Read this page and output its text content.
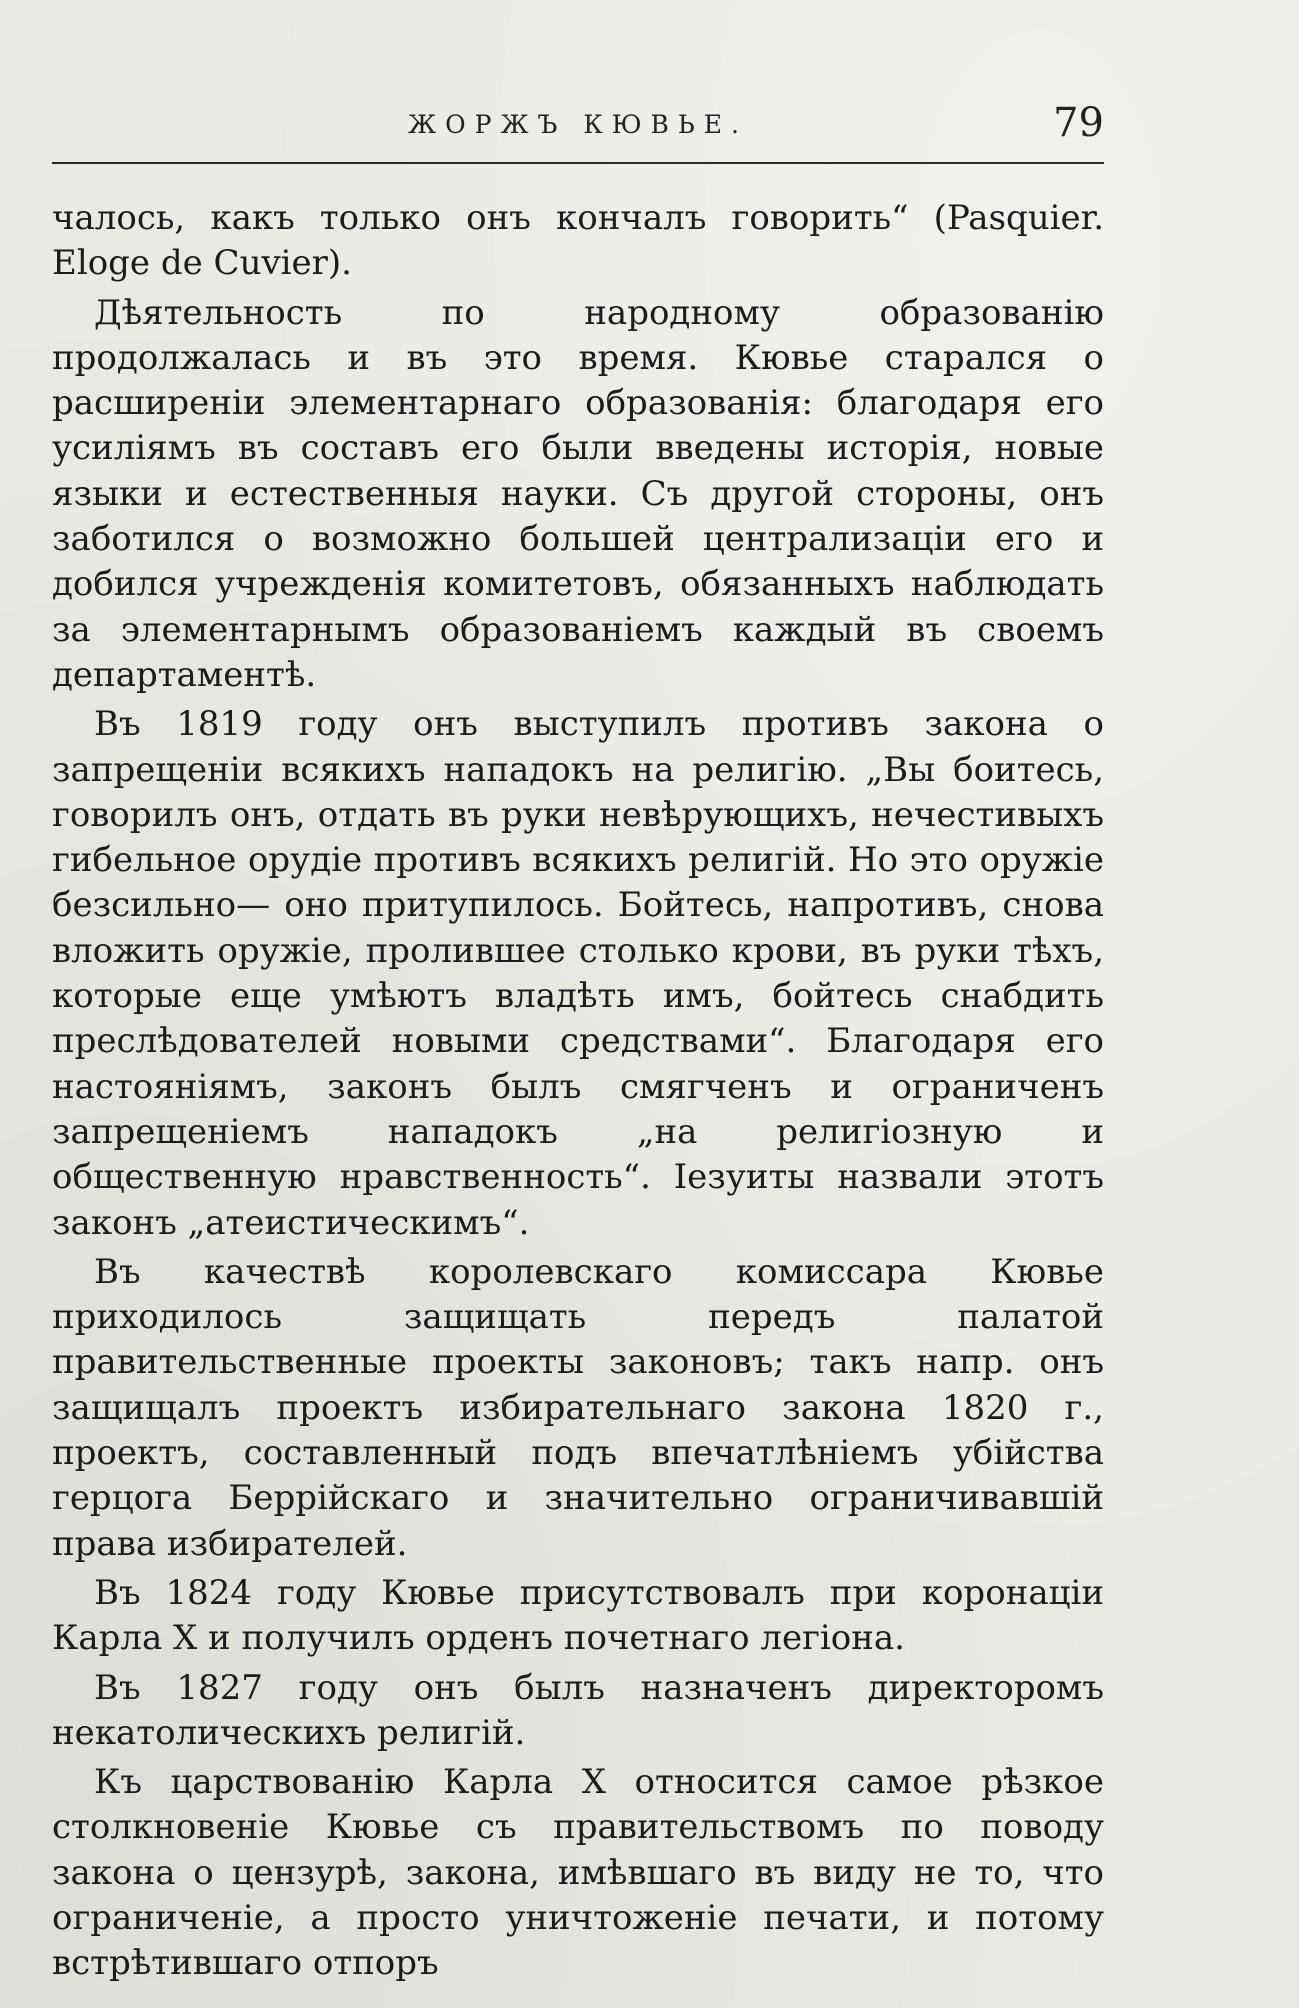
ЖОРЖЪ КЮВЬЕ.	79

чалось, какъ только онъ кончалъ говорить“ (Pasquier. Eloge de Cuvier).

Дѣятельность по народному образованію продолжалась и въ это время. Кювье старался о расширеніи элементарнаго образованія: благодаря его усиліямъ въ составъ его были введены исторія, новые языки и естественныя науки. Съ другой стороны, онъ заботился о возможно большей централизаціи его и добился учрежденія комитетовъ, обязанныхъ наблюдать за элементарнымъ образованіемъ каждый въ своемъ департаментѣ.

Въ 1819 году онъ выступилъ противъ закона о запрещеніи всякихъ нападокъ на религію. „Вы боитесь, говорилъ онъ, отдать въ руки невѣрующихъ, нечестивыхъ гибельное орудіе противъ всякихъ религій. Но это оружіе безсильно— оно притупилось. Бойтесь, напротивъ, снова вложить оружіе, пролившее столько крови, въ руки тѣхъ, которые еще умѣютъ владѣть имъ, бойтесь снабдить преслѣдователей новыми средствами“. Благодаря его настояніямъ, законъ былъ смягченъ и ограниченъ запрещеніемъ нападокъ „на религіозную и общественную нравственность“. Іезуиты назвали этотъ законъ „атеистическимъ“.

Въ качествѣ королевскаго комиссара Кювье приходилось защищать передъ палатой правительственные проекты законовъ; такъ напр. онъ защищалъ проектъ избирательнаго закона 1820 г., проектъ, составленный подъ впечатлѣніемъ убійства герцога Беррійскаго и значительно ограничивавшій права избирателей.

Въ 1824 году Кювье присутствовалъ при коронаціи Карла X и получилъ орденъ почетнаго легіона.

Въ 1827 году онъ былъ назначенъ директоромъ некатолическихъ религій.

Къ царствованію Карла X относится самое рѣзкое столкновеніе Кювье съ правительствомъ по поводу закона о цензурѣ, закона, имѣвшаго въ виду не то, что ограниченіе, а просто уничтоженіе печати, и потому встрѣтившаго отпоръ
